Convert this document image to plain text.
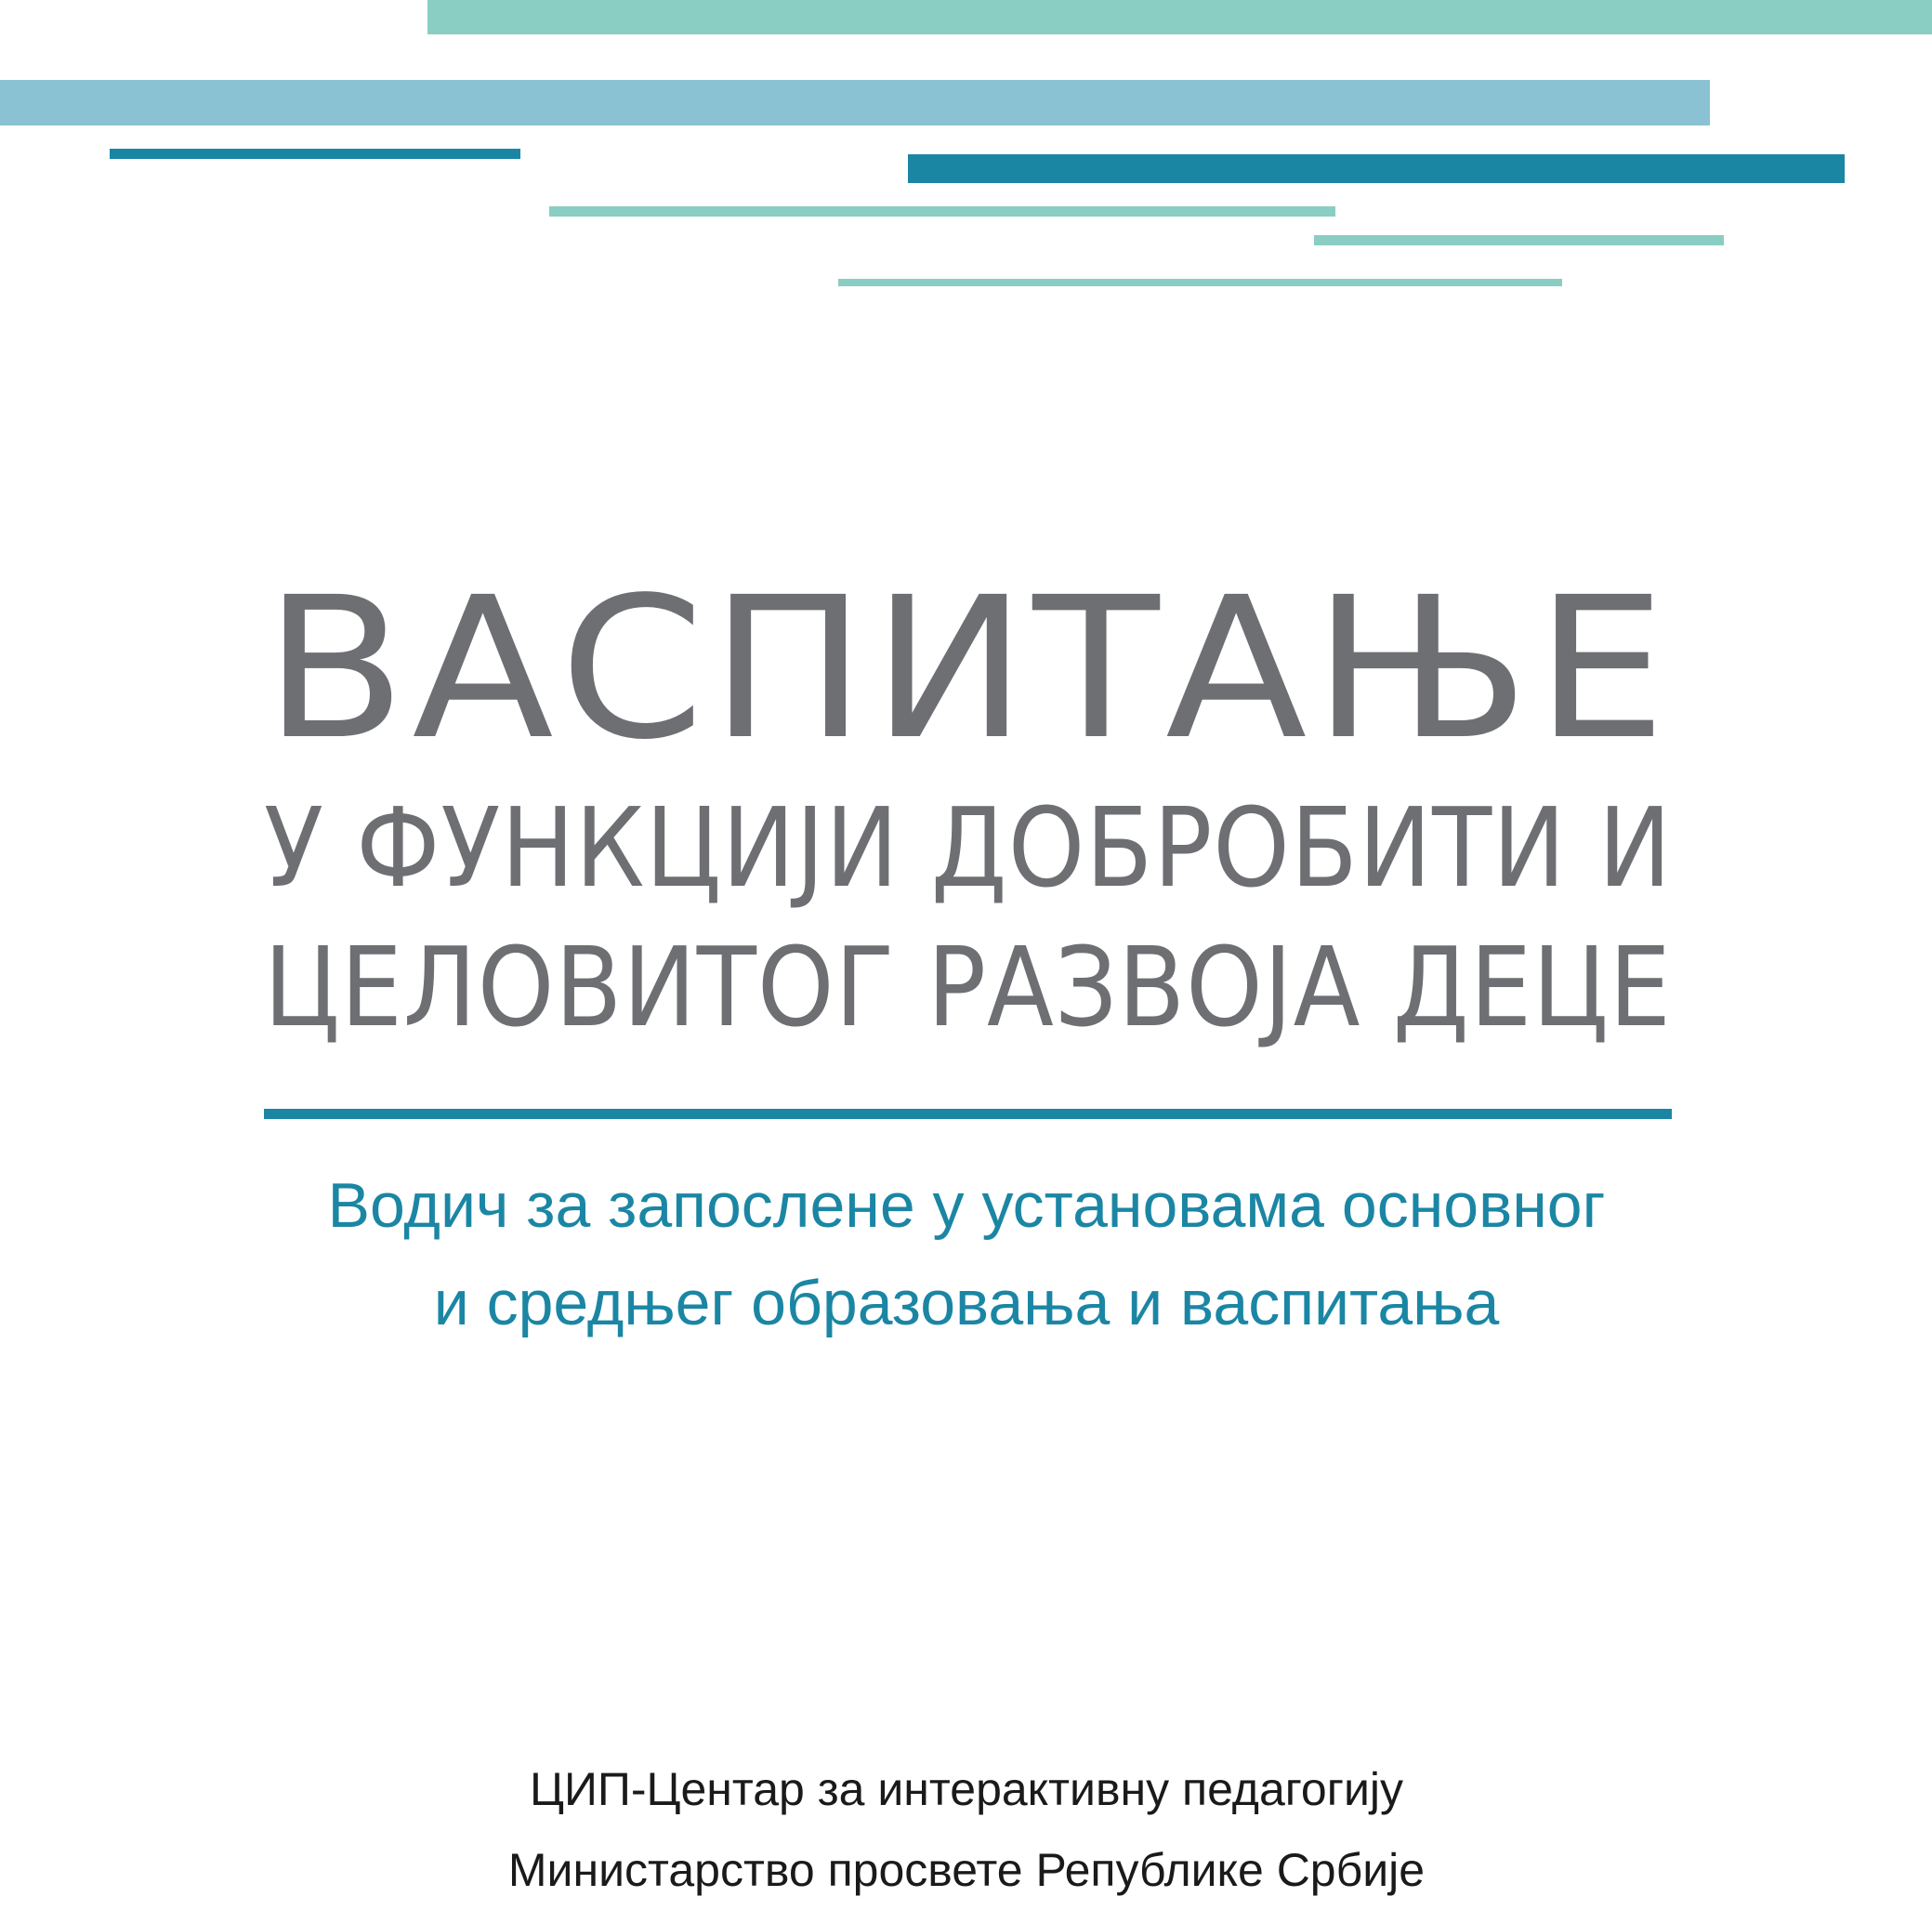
ВАСПИТАЊЕ
У ФУНКЦИЈИ ДОБРОБИТИ И
ЦЕЛОВИТОГ РАЗВОЈА ДЕЦЕ
Водич за запослене у установама основног
и средњег образовања и васпитања
ЦИП-Центар за интерактивну педагогију
Министарство просвете Републике Србије
